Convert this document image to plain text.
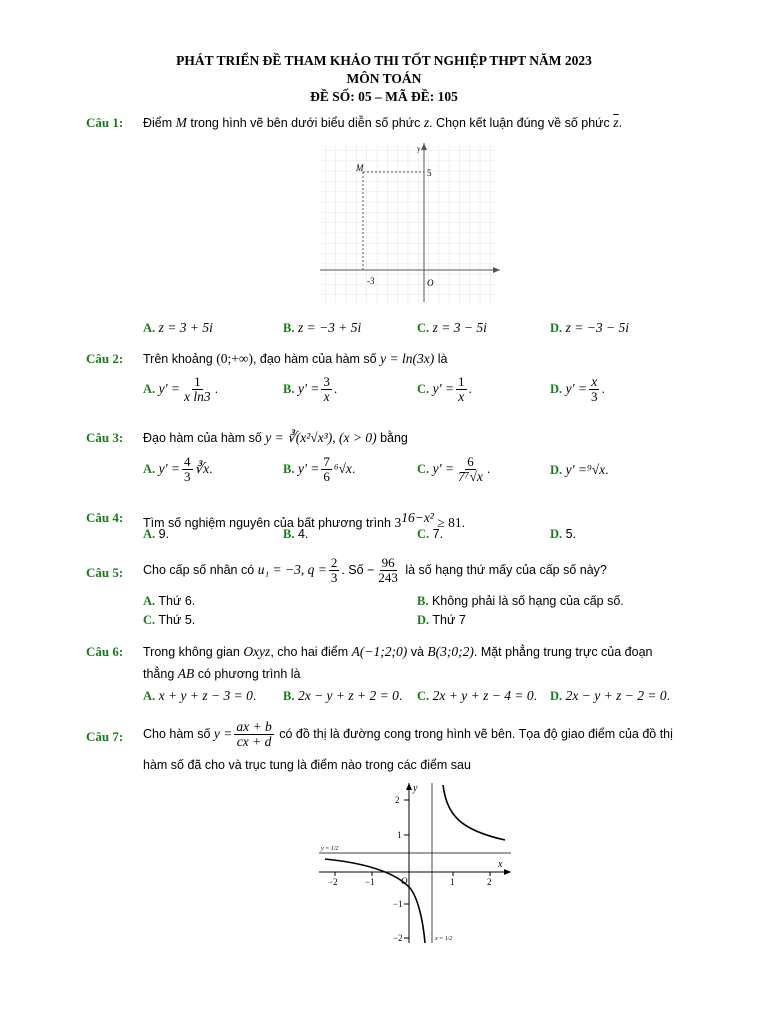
PHÁT TRIỂN ĐỀ THAM KHẢO THI TỐT NGHIỆP THPT NĂM 2023
MÔN TOÁN
ĐỀ SỐ: 05 – MÃ ĐỀ: 105
Câu 1: Điểm M trong hình vẽ bên dưới biểu diễn số phức z. Chọn kết luận đúng về số phức $\overline{z}$.
M	5
-3	O
y
A. z = 3 + 5i	B. z = −3 + 5i	C. z = 3 − 5i	D. z = −3 − 5i
Câu 2: Trên khoảng (0;+∞), đạo hàm của hàm số y = ln(3x) là
A. $y' = \frac{1}{\text{x ln3}}$ .	B. $y' = \frac{3}{x}$ .	C. $y' = \frac{1}{x}$ .	D. $y' = \frac{x}{3}$ .
Câu 3: Đạo hàm của hàm số y = ∛(x²√x³), (x > 0) bằng
A. $y' = \frac{4}{3}$ ∛x.	B. $y' = \frac{7}{6} ^6√x$.	C. $y' = \frac{6}{\text{7⁷√x}}$ .	D. y' =⁹√x.
Câu 4: Tìm số nghiệm nguyên của bất phương trình $3^{16-x^2} \ge 81$.
A. 9.	B. 4.	C. 7.	D. 5.
Câu 5: Cho cấp số nhân có u₁ = −3, $q = \frac{2}{3}$ . Số − $\frac{96}{243}$ là số hạng thứ mấy của cấp số này?
A. Thứ 6.	B. Không phải là số hạng của cấp số.
C. Thứ 5.	D. Thứ 7
Câu 6: Trong không gian Oxyz, cho hai điểm A(−1;2;0) và B(3;0;2). Mặt phẳng trung trực của đoạn
thẳng AB có phương trình là
A. x + y + z − 3 = 0. B. 2x − y + z + 2 = 0. C. 2x + y + z − 4 = 0. D. 2x − y + z − 2 = 0.
Câu 7: Cho hàm số $y = \frac{ax + b}{cx + d}$ có đồ thị là đường cong trong hình vẽ bên. Tọa độ giao điểm của đồ thị
hàm số đã cho và trục tung là điểm nào trong các điểm sau
y
x
O
2
1
−1
−2
−2	−1	1	2
y = 1/2
x = 1/2
